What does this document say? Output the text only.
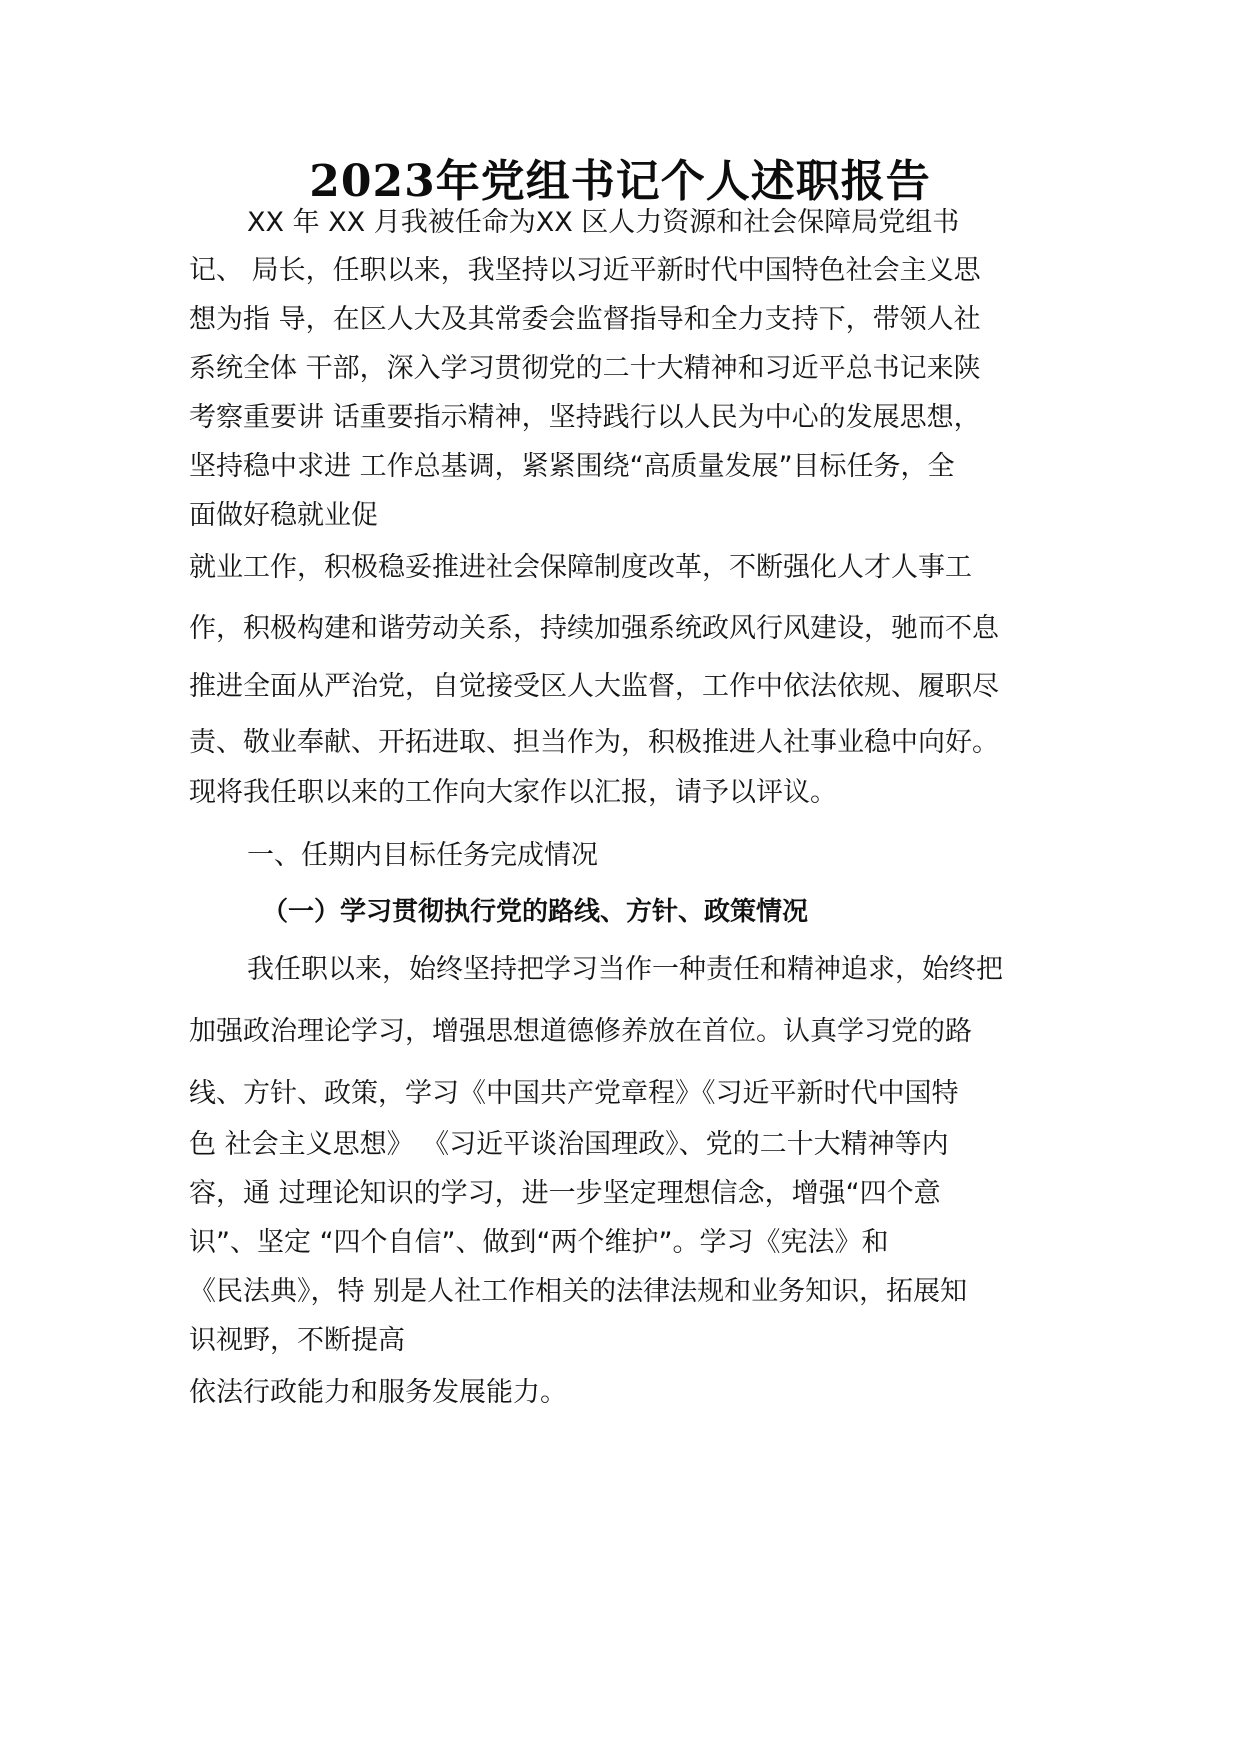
2023年党组书记个人述职报告
XX 年 XX 月我被任命为XX 区人力资源和社会保障局党组书
记、 局长，任职以来，我坚持以习近平新时代中国特色社会主义思
想为指 导，在区人大及其常委会监督指导和全力支持下，带领人社
系统全体 干部，深入学习贯彻党的二十大精神和习近平总书记来陕
考察重要讲 话重要指示精神，坚持践行以人民为中心的发展思想，
坚持稳中求进 工作总基调，紧紧围绕“高质量发展”目标任务，全
面做好稳就业促
就业工作，积极稳妥推进社会保障制度改革，不断强化人才人事工
作，积极构建和谐劳动关系，持续加强系统政风行风建设，驰而不息
推进全面从严治党，自觉接受区人大监督，工作中依法依规、履职尽
责、敬业奉献、开拓进取、担当作为，积极推进人社事业稳中向好。
现将我任职以来的工作向大家作以汇报，请予以评议。
一、任期内目标任务完成情况
（一）学习贯彻执行党的路线、方针、政策情况
我任职以来，始终坚持把学习当作一种责任和精神追求，始终把
加强政治理论学习，增强思想道德修养放在首位。认真学习党的路
线、方针、政策，学习《中国共产党章程》《习近平新时代中国特
色 社会主义思想》 《习近平谈治国理政》、党的二十大精神等内
容，通 过理论知识的学习，进一步坚定理想信念，增强“四个意
识”、坚定 “四个自信”、做到“两个维护”。学习《宪法》和
《民法典》，特 别是人社工作相关的法律法规和业务知识，拓展知
识视野，不断提高
依法行政能力和服务发展能力。
